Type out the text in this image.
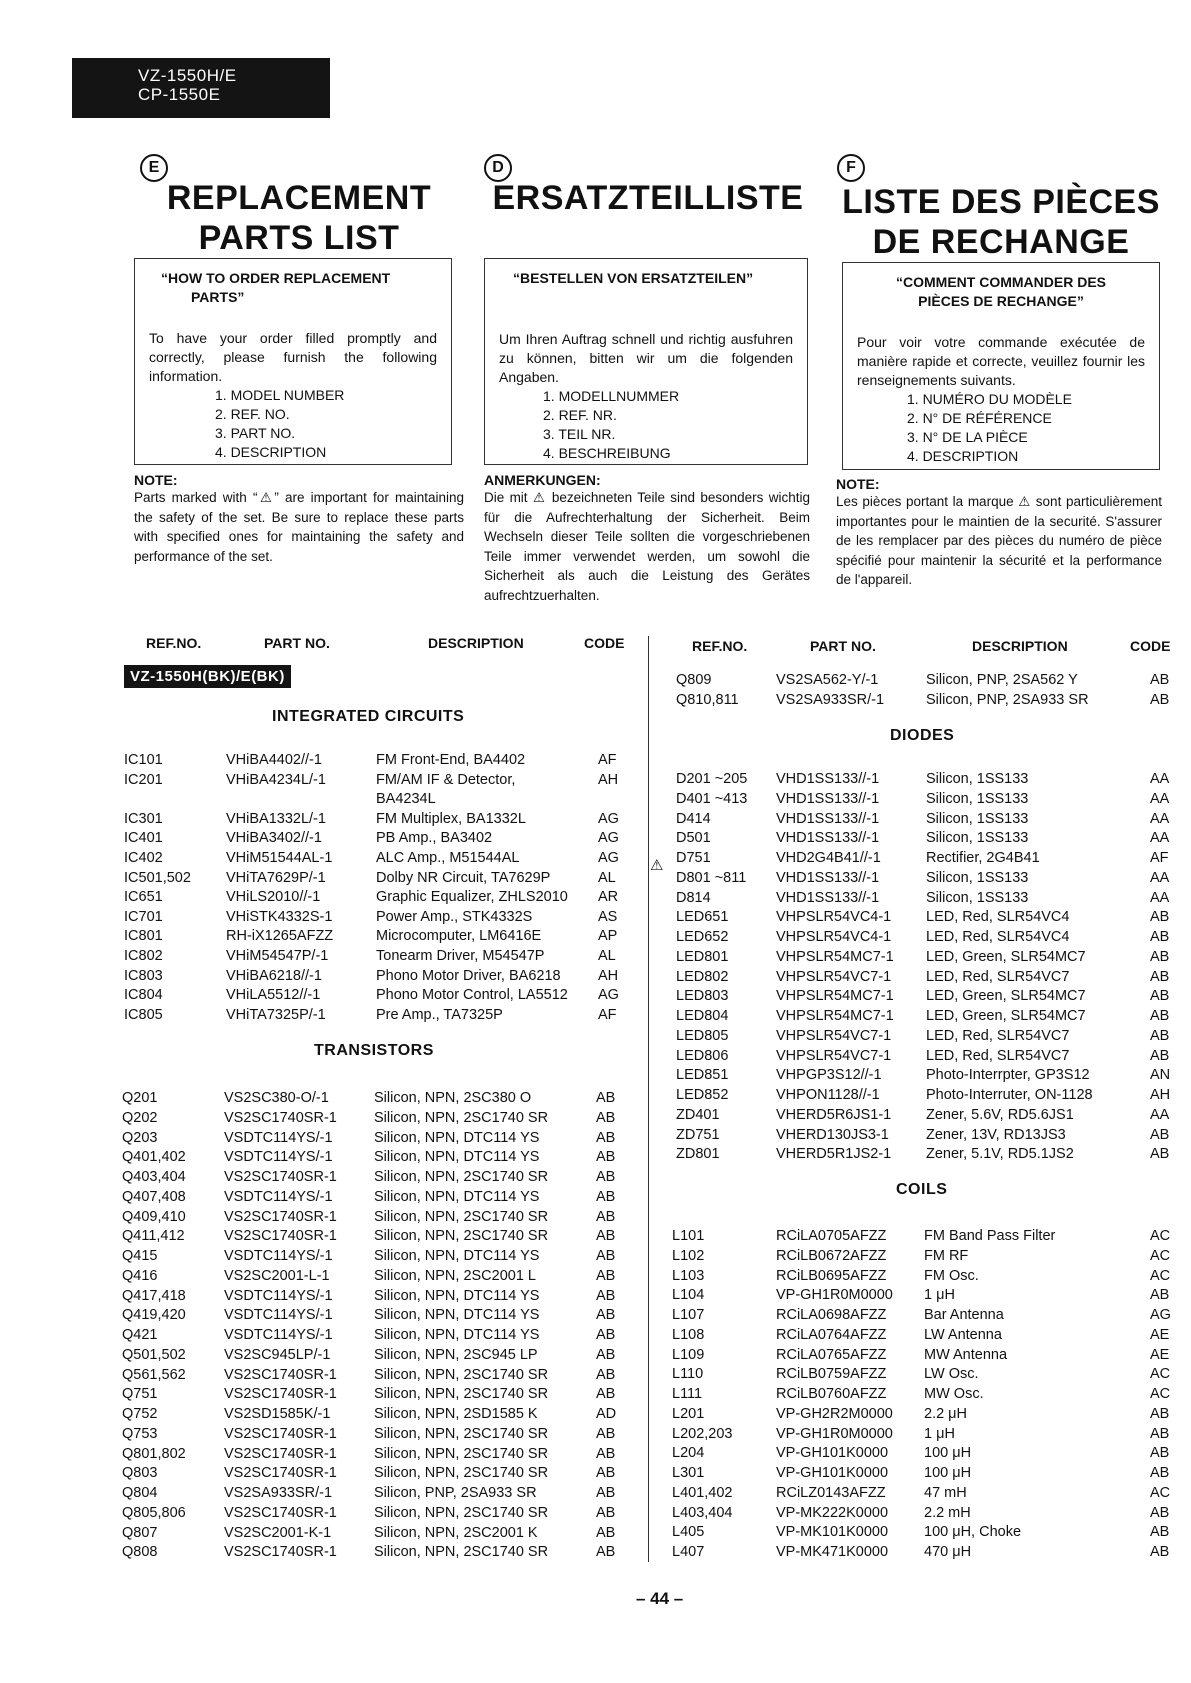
VZ-1550H/E
CP-1550E
E	D	F
REPLACEMENT
PARTS LIST
ERSATZTEILLISTE	LISTE DES PIÈCES
DE RECHANGE
“HOW TO ORDER REPLACEMENT
PARTS”
To have your order filled promptly and correctly, please furnish the following information.
1. MODEL NUMBER
2. REF. NO.
3. PART NO.
4. DESCRIPTION
“BESTELLEN VON ERSATZTEILEN”
Um Ihren Auftrag schnell und richtig ausfuhren zu können, bitten wir um die folgenden Angaben.
1. MODELLNUMMER
2. REF. NR.
3. TEIL NR.
4. BESCHREIBUNG
“COMMENT COMMANDER DES
PIÈCES DE RECHANGE”
Pour voir votre commande exécutée de manière rapide et correcte, veuillez fournir les renseignements suivants.
1. NUMÉRO DU MODÈLE
2. N° DE RÉFÉRENCE
3. N° DE LA PIÈCE
4. DESCRIPTION
NOTE:
Parts marked with “⚠” are important for maintaining the safety of the set. Be sure to replace these parts with specified ones for maintaining the safety and performance of the set.
ANMERKUNGEN:
Die mit ⚠ bezeichneten Teile sind besonders wichtig für die Aufrechterhaltung der Sicherheit. Beim Wechseln dieser Teile sollten die vorgeschriebenen Teile immer verwendet werden, um sowohl die Sicherheit als auch die Leistung des Gerätes aufrechtzuerhalten.
NOTE:
Les pièces portant la marque ⚠ sont particulièrement importantes pour le maintien de la securité. S'assurer de les remplacer par des pièces du numéro de pièce spécifié pour maintenir la sécurité et la performance de l'appareil.
REF.NO.	PART NO.	DESCRIPTION	CODE	REF.NO.	PART NO.	DESCRIPTION	CODE
VZ-1550H(BK)/E(BK)
INTEGRATED CIRCUITS
TRANSISTORS
DIODES
COILS
IC101	VHiBA4402//-1	FM Front-End, BA4402	AF
IC201	VHiBA4234L/-1	FM/AM IF & Detector,	AH
BA4234L
IC301	VHiBA1332L/-1	FM Multiplex, BA1332L	AG
IC401	VHiBA3402//-1	PB Amp., BA3402	AG
IC402	VHiM51544AL-1	ALC Amp., M51544AL	AG
IC501,502 VHiTA7629P/-1	Dolby NR Circuit, TA7629P	AL
IC651	VHiLS2010//-1	Graphic Equalizer, ZHLS2010 AR
IC701	VHiSTK4332S-1	Power Amp., STK4332S	AS
IC801	RH-iX1265AFZZ	Microcomputer, LM6416E	AP
IC802	VHiM54547P/-1	Tonearm Driver, M54547P	AL
IC803	VHiBA6218//-1	Phono Motor Driver, BA6218	AH
IC804	VHiLA5512//-1	Phono Motor Control, LA5512 AG
IC805	VHiTA7325P/-1	Pre Amp., TA7325P	AF
Q201	VS2SC380-O/-1	Silicon, NPN, 2SC380 O	AB
Q202	VS2SC1740SR-1	Silicon, NPN, 2SC1740 SR	AB
Q203	VSDTC114YS/-1	Silicon, NPN, DTC114 YS	AB
Q401,402	VSDTC114YS/-1	Silicon, NPN, DTC114 YS	AB
Q403,404	VS2SC1740SR-1	Silicon, NPN, 2SC1740 SR	AB
Q407,408	VSDTC114YS/-1	Silicon, NPN, DTC114 YS	AB
Q409,410	VS2SC1740SR-1	Silicon, NPN, 2SC1740 SR	AB
Q411,412	VS2SC1740SR-1	Silicon, NPN, 2SC1740 SR	AB
Q415	VSDTC114YS/-1	Silicon, NPN, DTC114 YS	AB
Q416	VS2SC2001-L-1	Silicon, NPN, 2SC2001 L	AB
Q417,418	VSDTC114YS/-1	Silicon, NPN, DTC114 YS	AB
Q419,420	VSDTC114YS/-1	Silicon, NPN, DTC114 YS	AB
Q421	VSDTC114YS/-1	Silicon, NPN, DTC114 YS	AB
Q501,502	VS2SC945LP/-1	Silicon, NPN, 2SC945 LP	AB
Q561,562	VS2SC1740SR-1	Silicon, NPN, 2SC1740 SR	AB
Q751	VS2SC1740SR-1	Silicon, NPN, 2SC1740 SR	AB
Q752	VS2SD1585K/-1	Silicon, NPN, 2SD1585 K	AD
Q753	VS2SC1740SR-1	Silicon, NPN, 2SC1740 SR	AB
Q801,802	VS2SC1740SR-1	Silicon, NPN, 2SC1740 SR	AB
Q803	VS2SC1740SR-1	Silicon, NPN, 2SC1740 SR	AB
Q804	VS2SA933SR/-1	Silicon, PNP, 2SA933 SR	AB
Q805,806	VS2SC1740SR-1	Silicon, NPN, 2SC1740 SR	AB
Q807	VS2SC2001-K-1	Silicon, NPN, 2SC2001 K	AB
Q808	VS2SC1740SR-1	Silicon, NPN, 2SC1740 SR	AB
Q809	VS2SA562-Y/-1	Silicon, PNP, 2SA562 Y	AB
Q810,811	VS2SA933SR/-1	Silicon, PNP, 2SA933 SR	AB
D201 ~205 VHD1SS133//-1	Silicon, 1SS133	AA
D401 ~413 VHD1SS133//-1	Silicon, 1SS133	AA
D414	VHD1SS133//-1	Silicon, 1SS133	AA
D501	VHD1SS133//-1	Silicon, 1SS133	AA
D751	VHD2G4B41//-1	Rectifier, 2G4B41	AF
D801 ~811 VHD1SS133//-1	Silicon, 1SS133	AA
D814	VHD1SS133//-1	Silicon, 1SS133	AA
LED651	VHPSLR54VC4-1 LED, Red, SLR54VC4	AB
LED652	VHPSLR54VC4-1 LED, Red, SLR54VC4	AB
LED801	VHPSLR54MC7-1 LED, Green, SLR54MC7	AB
LED802	VHPSLR54VC7-1 LED, Red, SLR54VC7	AB
LED803	VHPSLR54MC7-1 LED, Green, SLR54MC7	AB
LED804	VHPSLR54MC7-1 LED, Green, SLR54MC7	AB
LED805	VHPSLR54VC7-1 LED, Red, SLR54VC7	AB
LED806	VHPSLR54VC7-1 LED, Red, SLR54VC7	AB
LED851	VHPGP3S12//-1	Photo-Interrpter, GP3S12	AN
LED852	VHPON1128//-1	Photo-Interruter, ON-1128	AH
ZD401	VHERD5R6JS1-1 Zener, 5.6V, RD5.6JS1	AA
ZD751	VHERD130JS3-1	Zener, 13V, RD13JS3	AB
ZD801	VHERD5R1JS2-1 Zener, 5.1V, RD5.1JS2	AB
L101	RCiLA0705AFZZ	FM Band Pass Filter	AC
L102	RCiLB0672AFZZ	FM RF	AC
L103	RCiLB0695AFZZ	FM Osc.	AC
L104	VP-GH1R0M0000 1 μH	AB
L107	RCiLA0698AFZZ	Bar Antenna	AG
L108	RCiLA0764AFZZ	LW Antenna	AE
L109	RCiLA0765AFZZ	MW Antenna	AE
L110	RCiLB0759AFZZ	LW Osc.	AC
L111	RCiLB0760AFZZ	MW Osc.	AC
L201	VP-GH2R2M0000 2.2 μH	AB
L202,203	VP-GH1R0M0000 1 μH	AB
L204	VP-GH101K0000 100 μH	AB
L301	VP-GH101K0000 100 μH	AB
L401,402	RCiLZ0143AFZZ	47 mH	AC
L403,404	VP-MK222K0000 2.2 mH	AB
L405	VP-MK101K0000 100 μH, Choke	AB
L407	VP-MK471K0000 470 μH	AB
⚠
– 44 –
